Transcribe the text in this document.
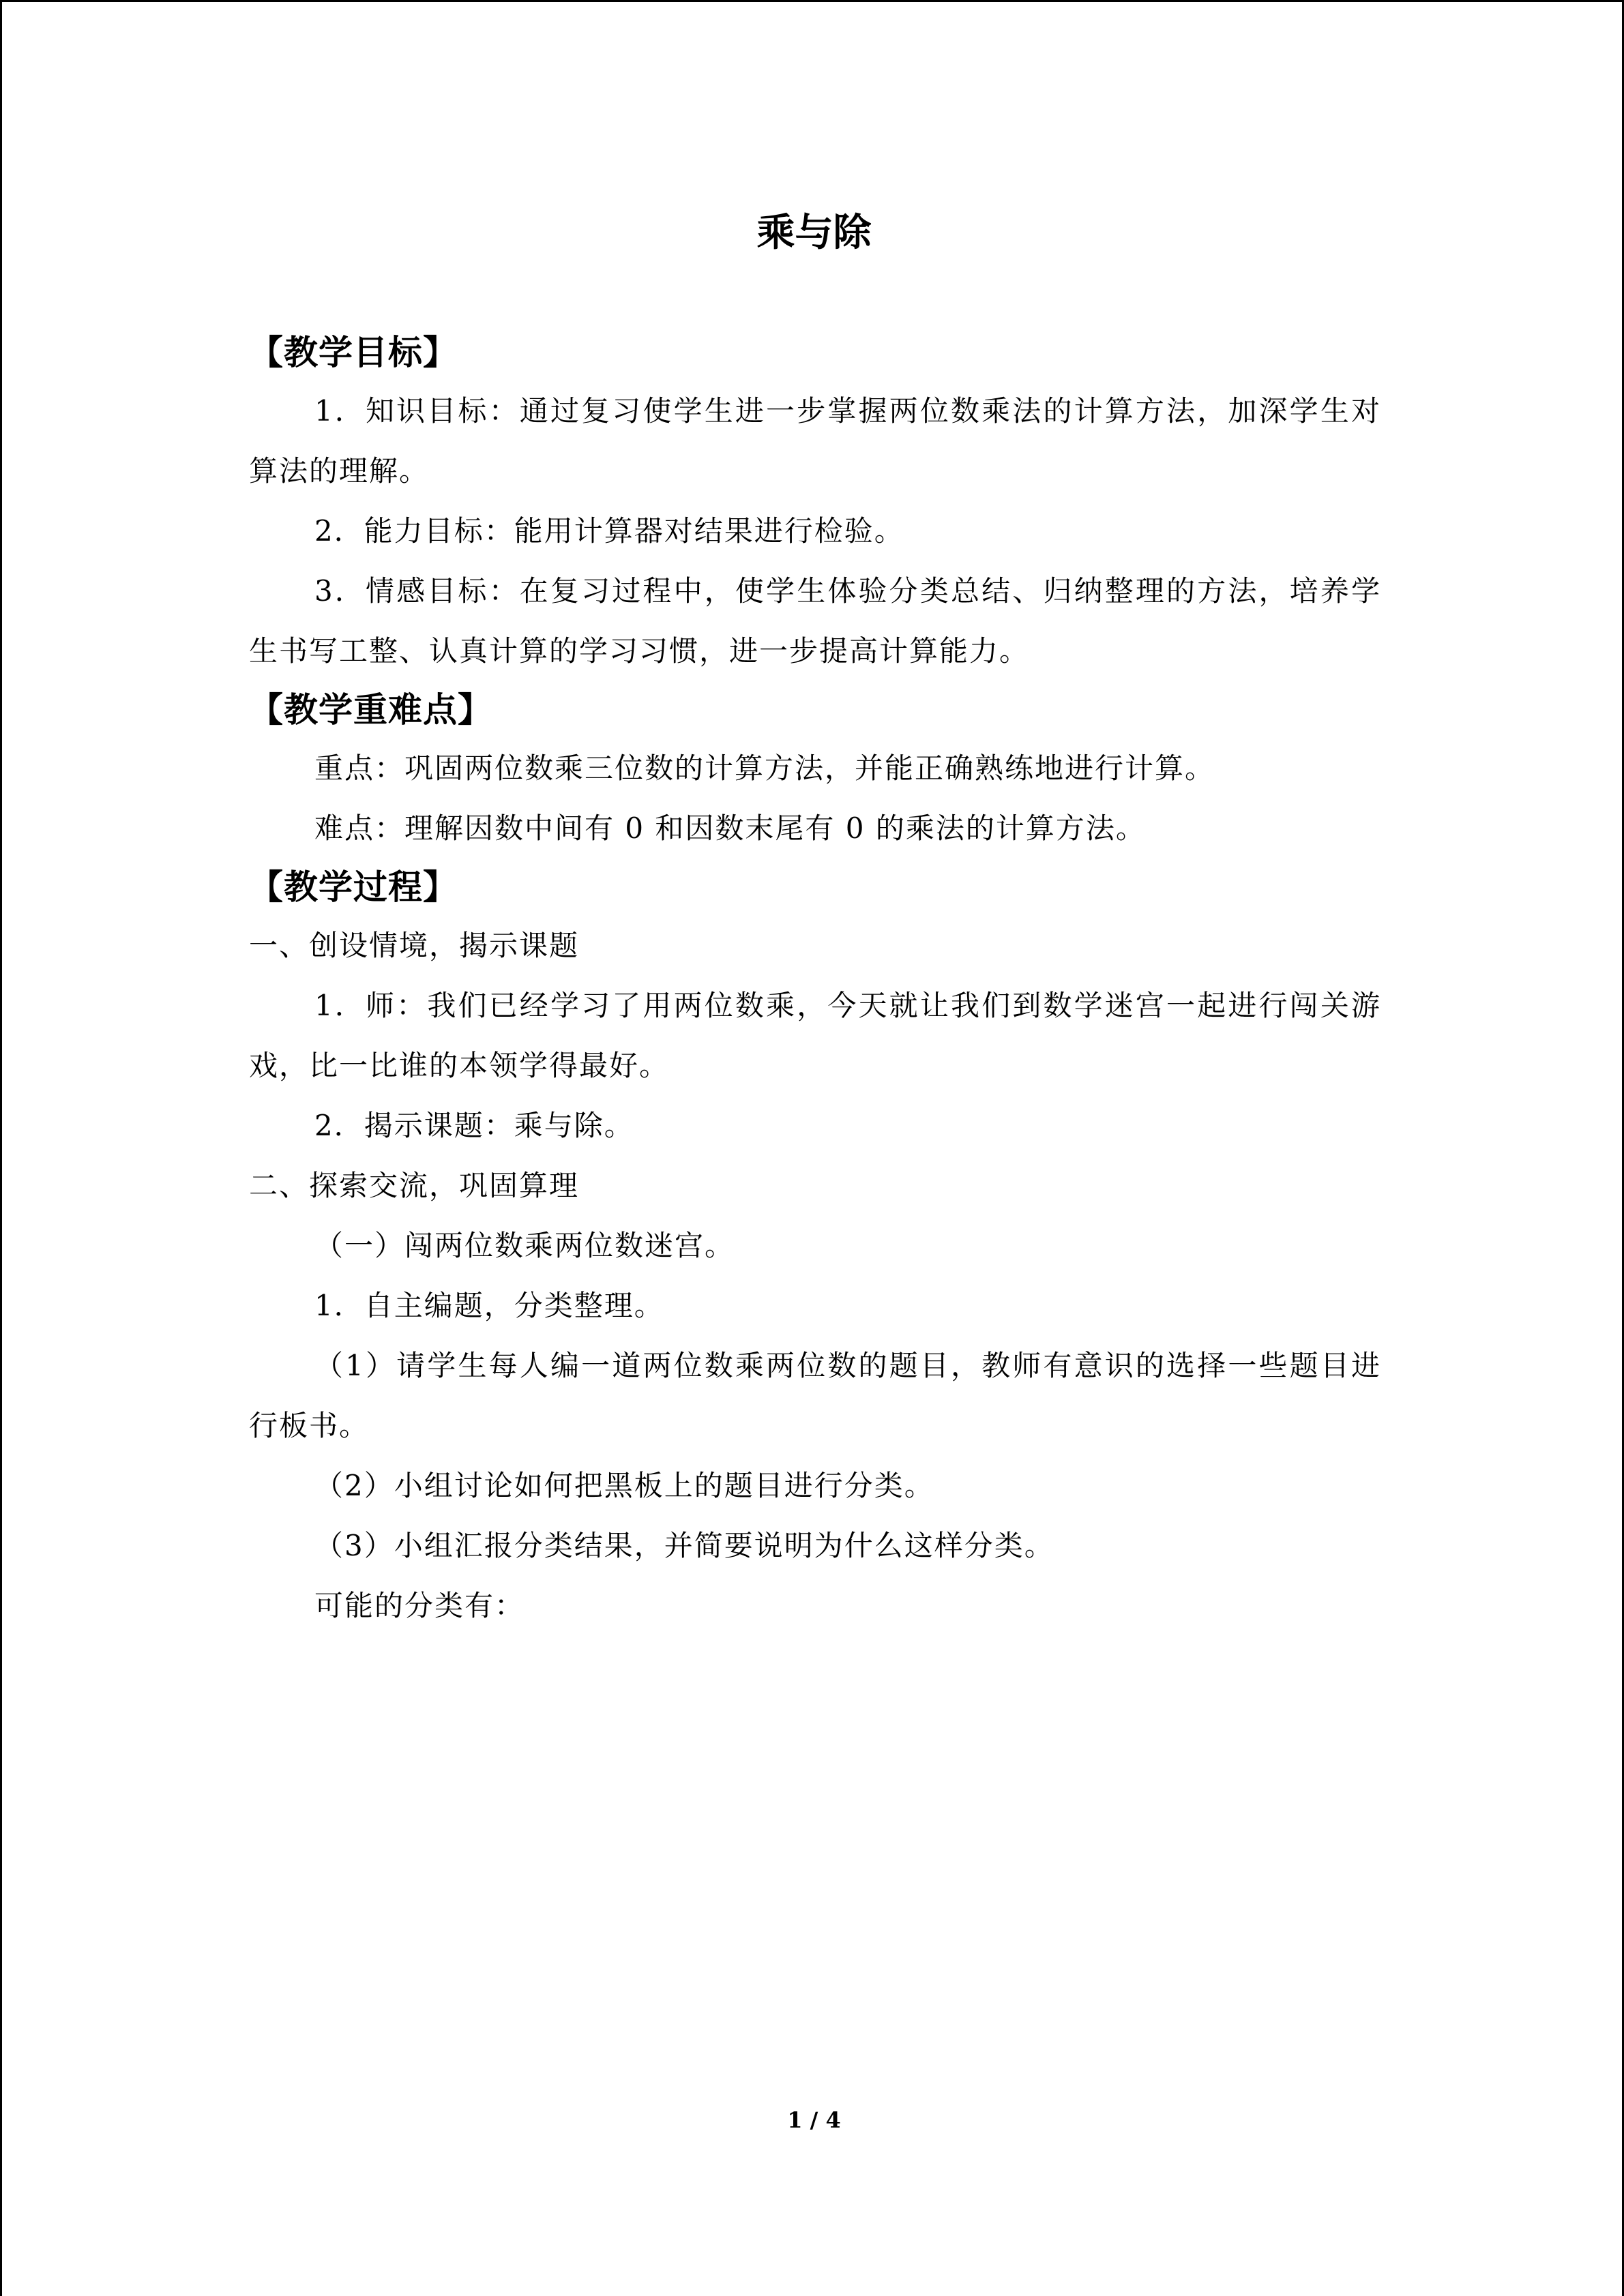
乘与除
【教学目标】

1．知识目标：通过复习使学生进一步掌握两位数乘法的计算方法，加深学生对算法的理解。

2．能力目标：能用计算器对结果进行检验。

3．情感目标：在复习过程中，使学生体验分类总结、归纳整理的方法，培养学生书写工整、认真计算的学习习惯，进一步提高计算能力。

【教学重难点】

重点：巩固两位数乘三位数的计算方法，并能正确熟练地进行计算。

难点：理解因数中间有 0 和因数末尾有 0 的乘法的计算方法。

【教学过程】

一、创设情境，揭示课题

1．师：我们已经学习了用两位数乘，今天就让我们到数学迷宫一起进行闯关游戏，比一比谁的本领学得最好。

2．揭示课题：乘与除。

二、探索交流，巩固算理

（一）闯两位数乘两位数迷宫。

1．自主编题，分类整理。

（1）请学生每人编一道两位数乘两位数的题目，教师有意识的选择一些题目进行板书。

（2）小组讨论如何把黑板上的题目进行分类。

（3）小组汇报分类结果，并简要说明为什么这样分类。

可能的分类有：

1 / 4
